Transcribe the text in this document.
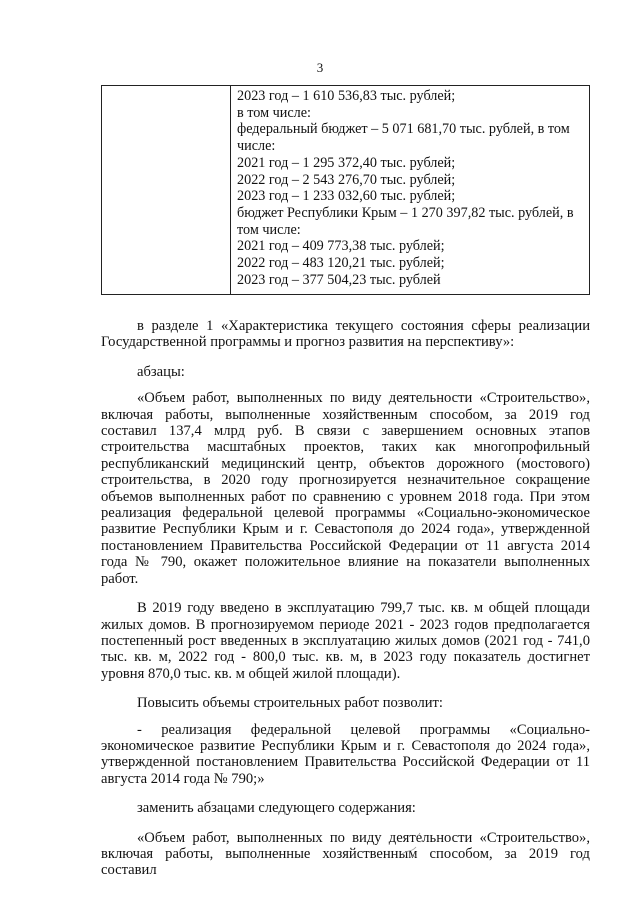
3
2023 год – 1 610 536,83 тыс. рублей;
в том числе:
федеральный бюджет – 5 071 681,70 тыс. рублей, в том
числе:
2021 год – 1 295 372,40 тыс. рублей;
2022 год – 2 543 276,70 тыс. рублей;
2023 год – 1 233 032,60 тыс. рублей;
бюджет Республики Крым – 1 270 397,82 тыс. рублей, в
том числе:
2021 год – 409 773,38 тыс. рублей;
2022 год – 483 120,21 тыс. рублей;
2023 год – 377 504,23 тыс. рублей

в разделе 1 «Характеристика текущего состояния сферы реализации Государственной программы и прогноз развития на перспективу»:

абзацы:

«Объем работ, выполненных по виду деятельности «Строительство», включая работы, выполненные хозяйственным способом, за 2019 год составил 137,4 млрд руб. В связи с завершением основных этапов строительства масштабных проектов, таких как многопрофильный республиканский медицинский центр, объектов дорожного (мостового) строительства, в 2020 году прогнозируется незначительное сокращение объемов выполненных работ по сравнению с уровнем 2018 года. При этом реализация федеральной целевой программы «Социально-экономическое развитие Республики Крым и г. Севастополя до 2024 года», утвержденной постановлением Правительства Российской Федерации от 11 августа 2014 года № 790, окажет положительное влияние на показатели выполненных работ.

В 2019 году введено в эксплуатацию 799,7 тыс. кв. м общей площади жилых домов. В прогнозируемом периоде 2021 - 2023 годов предполагается постепенный рост введенных в эксплуатацию жилых домов (2021 год - 741,0 тыс. кв. м, 2022 год - 800,0 тыс. кв. м, в 2023 году показатель достигнет уровня 870,0 тыс. кв. м общей жилой площади).

Повысить объемы строительных работ позволит:

- реализация федеральной целевой программы «Социально-экономическое развитие Республики Крым и г. Севастополя до 2024 года», утвержденной постановлением Правительства Российской Федерации от 11 августа 2014 года № 790;»

заменить абзацами следующего содержания:

«Объем работ, выполненных по виду деятельности «Строительство», включая работы, выполненные хозяйственным способом, за 2019 год составил
